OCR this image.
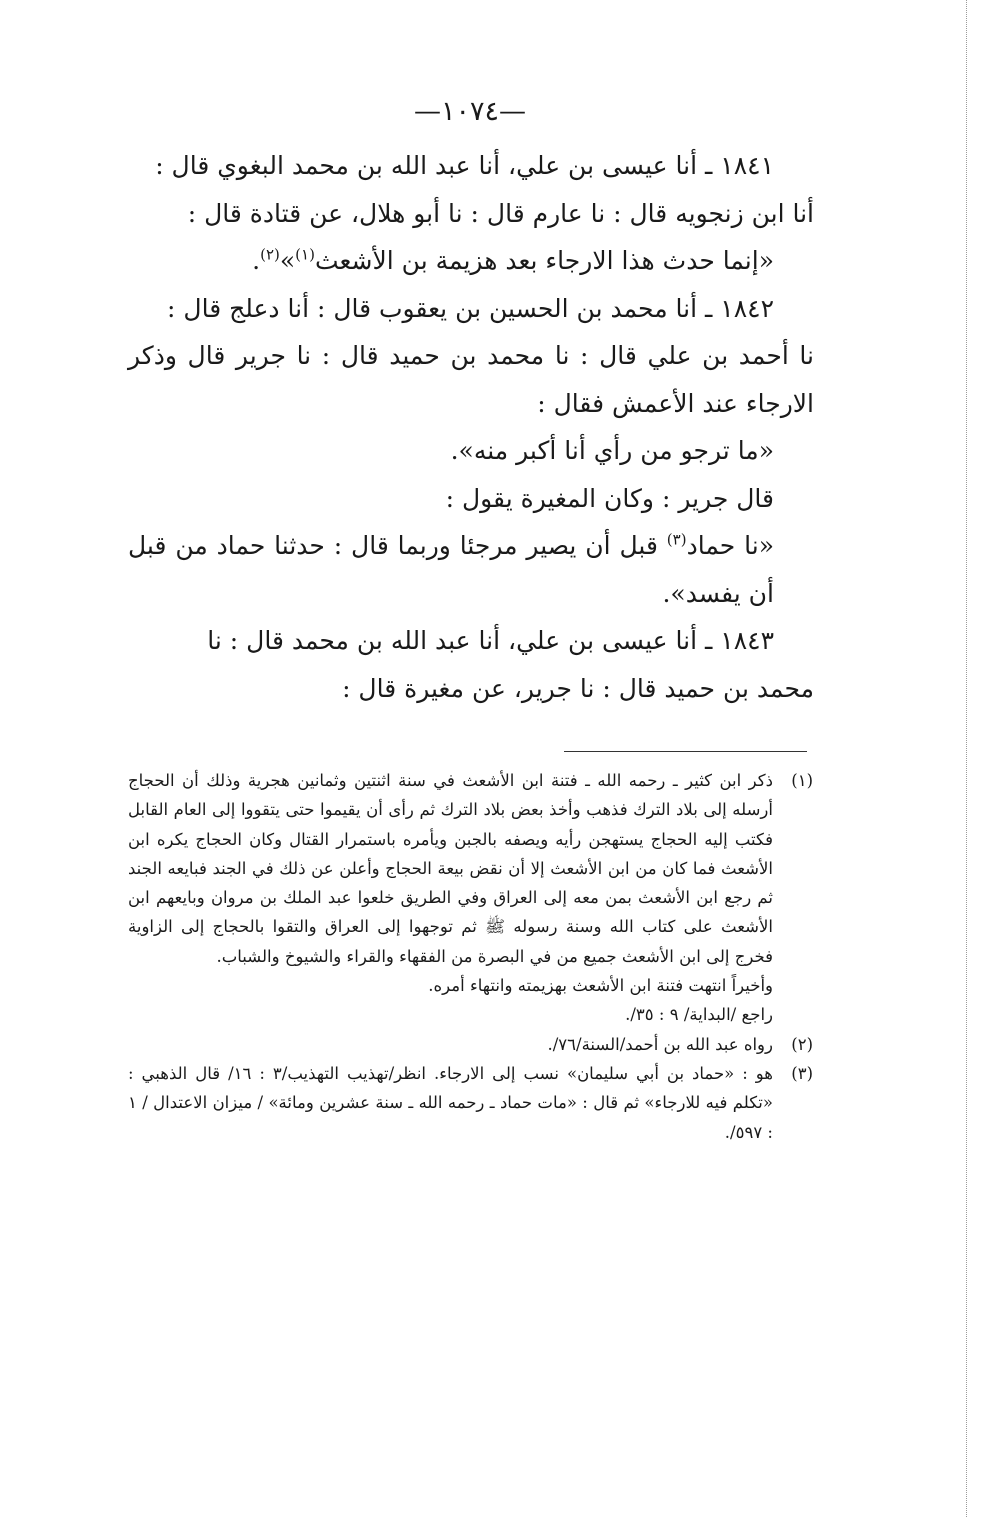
—١٠٧٤—

١٨٤١ ـ أنا عيسى بن علي، أنا عبد الله بن محمد البغوي قال :

أنا ابن زنجويه قال : نا عارم قال : نا أبو هلال، عن قتادة قال :

«إنما حدث هذا الارجاء بعد هزيمة بن الأشعث$^{(١)}$»$^{(٢)}$.

١٨٤٢ ـ أنا محمد بن الحسين بن يعقوب قال : أنا دعلج قال :

نا أحمد بن علي قال : نا محمد بن حميد قال : نا جرير قال وذكر الارجاء عند الأعمش فقال :

«ما ترجو من رأي أنا أكبر منه».

قال جرير : وكان المغيرة يقول :

«نا حماد$^{(٣)}$ قبل أن يصير مرجئا وربما قال : حدثنا حماد من قبل أن يفسد».

١٨٤٣ ـ أنا عيسى بن علي، أنا عبد الله بن محمد قال : نا

محمد بن حميد قال : نا جرير، عن مغيرة قال :

(١)

ذكر ابن كثير ـ رحمه الله ـ فتنة ابن الأشعث في سنة اثنتين وثمانين هجرية وذلك أن الحجاج أرسله إلى بلاد الترك فذهب وأخذ بعض بلاد الترك ثم رأى أن يقيموا حتى يتقووا إلى العام القابل فكتب إليه الحجاج يستهجن رأيه ويصفه بالجبن ويأمره باستمرار القتال وكان الحجاج يكره ابن الأشعث فما كان من ابن الأشعث إلا أن نقض بيعة الحجاج وأعلن عن ذلك في الجند فبايعه الجند ثم رجع ابن الأشعث بمن معه إلى العراق وفي الطريق خلعوا عبد الملك بن مروان وبايعهم ابن الأشعث على كتاب الله وسنة رسوله ﷺ ثم توجهوا إلى العراق والتقوا بالحجاج إلى الزاوية فخرج إلى ابن الأشعث جميع من في البصرة من الفقهاء والقراء والشيوخ والشباب.

وأخيراً انتهت فتنة ابن الأشعث بهزيمته وانتهاء أمره.

راجع /البداية/ ٩ : ٣٥/.

(٢)

رواه عبد الله بن أحمد/السنة/٧٦/.

(٣)

هو : «حماد بن أبي سليمان» نسب إلى الارجاء. انظر/تهذيب التهذيب/٣ : ١٦/ قال الذهبي : «تكلم فيه للارجاء» ثم قال : «مات حماد ـ رحمه الله ـ سنة عشرين ومائة» / ميزان الاعتدال / ١ : ٥٩٧/.
